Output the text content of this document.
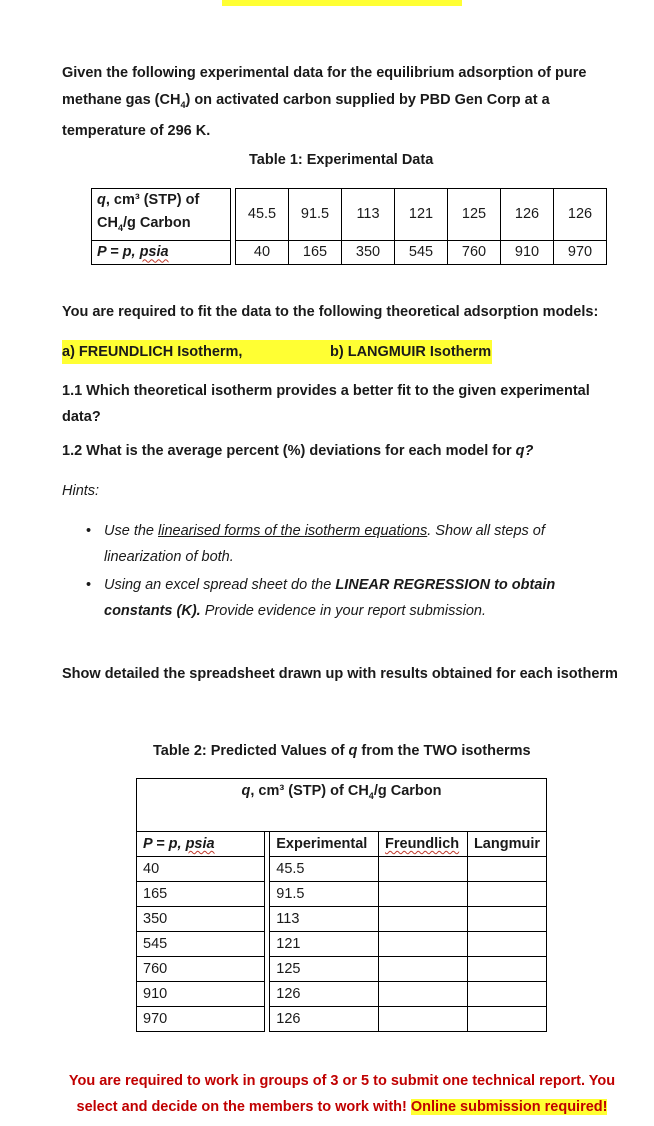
Given the following experimental data for the equilibrium adsorption of pure methane gas $(CH_4)$ on activated carbon supplied by PBD Gen Corp at a temperature of 296 K.
Table 1: Experimental Data
q, cm³ (STP) of
$CH_4/g$ Carbon		45.5	91.5	113	121	125	126	126
P = p, psia		40	165	350	545	760	910	970
You are required to fit the data to the following theoretical adsorption models:
a) FREUNDLICH Isotherm,	b) LANGMUIR Isotherm
1.1 Which theoretical isotherm provides a better fit to the given experimental data?
1.2 What is the average percent (%) deviations for each model for q?
Hints:
• Use the linearised forms of the isotherm equations. Show all steps of linearization of both.
• Using an excel spread sheet do the LINEAR REGRESSION to obtain constants (K). Provide evidence in your report submission.
Show detailed the spreadsheet drawn up with results obtained for each isotherm
Table 2: Predicted Values of q from the TWO isotherms
q, cm³ (STP) of $CH_4/g$ Carbon				
P = p, psia		Experimental	Freundlich	Langmuir
40		45.5		
165		91.5		
350		113		
545		121		
760		125		
910		126		
970		126		
You are required to work in groups of 3 or 5 to submit one technical report. You select and decide on the members to work with! Online submission required!
